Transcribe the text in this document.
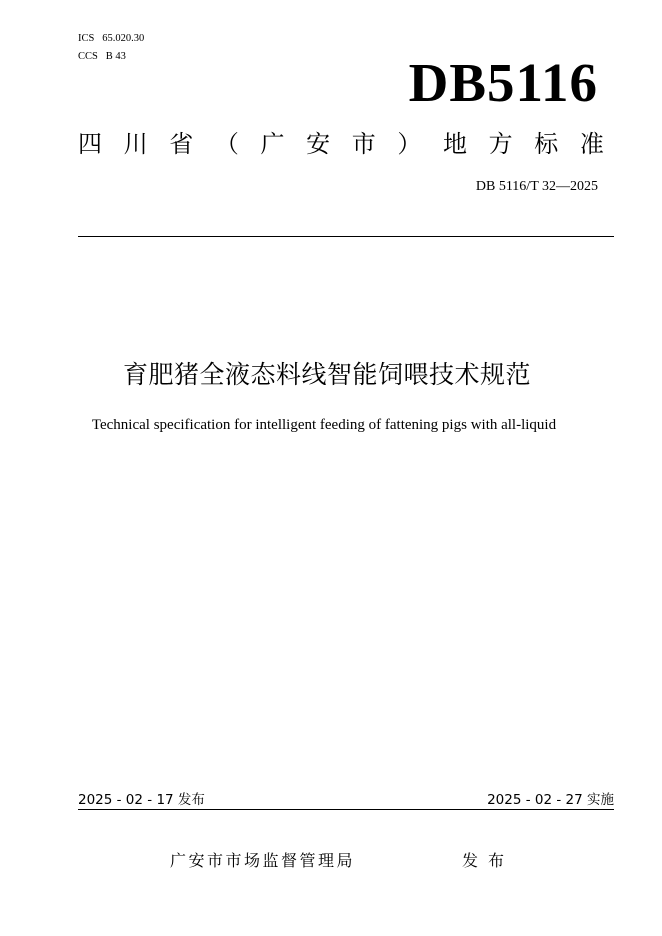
ICS   65.020.30
CCS   B 43	DB5116
四 川 省 （ 广 安 市 ） 地 方 标 准
DB 5116/T 32—2025
育肥猪全液态料线智能饲喂技术规范
Technical specification for intelligent feeding of fattening pigs with all-liquid
2025 - 02 - 17 发布	2025 - 02 - 27 实施
广安市市场监督管理局	发布
